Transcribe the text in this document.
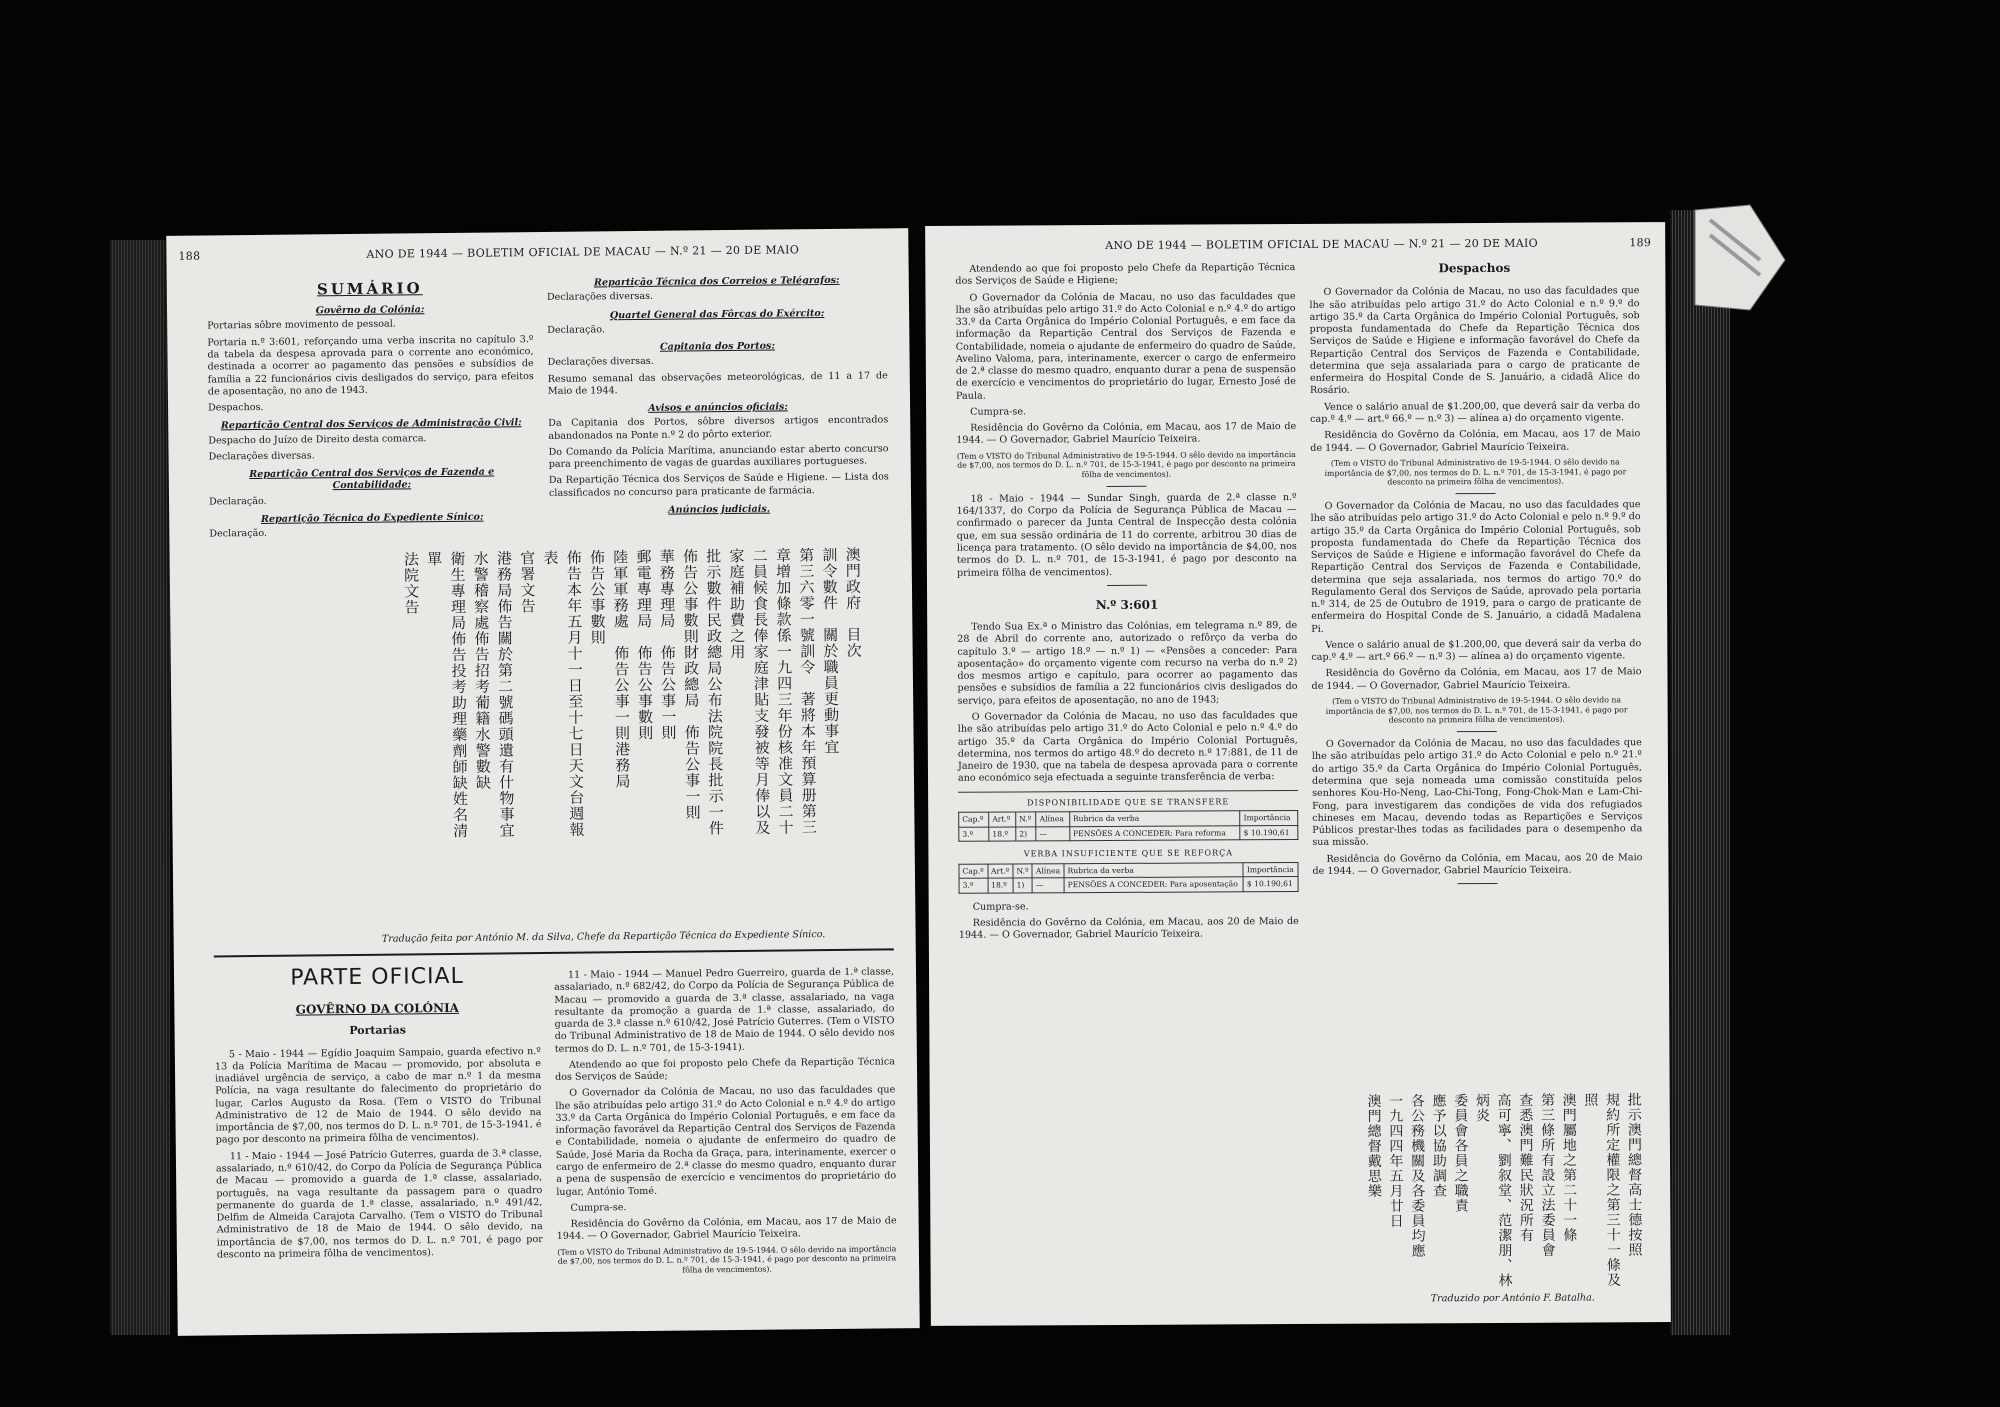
188	ANO DE 1944 — BOLETIM OFICIAL DE MACAU — N.º 21 — 20 DE MAIO
SUMÁRIO
Govêrno da Colónia:

Portarias sôbre movimento de pessoal.

Portaria n.º 3:601, reforçando uma verba inscrita no capítulo 3.º da tabela da despesa aprovada para o corrente ano económico, destinada a ocorrer ao pagamento das pensões e subsídios de família a 22 funcionários civis desligados do serviço, para efeitos de aposentação, no ano de 1943.

Despachos.

Repartição Central dos Serviços de Administração Civil:

Despacho do Juízo de Direito desta comarca.

Declarações diversas.

Repartição Central dos Serviços de Fazenda e Contabilidade:

Declaração.

Repartição Técnica do Expediente Sínico:

Declaração.

Repartição Técnica dos Correios e Telégrafos:

Declarações diversas.

Quartel General das Fôrças do Exército:

Declaração.

Capitania dos Portos:

Declarações diversas.

Resumo semanal das observações meteorológicas, de 11 a 17 de Maio de 1944.

Avisos e anúncios oficiais:

Da Capitania dos Portos, sôbre diversos artigos encontrados abandonados na Ponte n.º 2 do pôrto exterior.

Do Comando da Polícia Marítima, anunciando estar aberto concurso para preenchimento de vagas de guardas auxiliares portugueses.

Da Repartição Técnica dos Serviços de Saúde e Higiene. — Lista dos classificados no concurso para praticante de farmácia.

Anúncios judiciais.
澳門政府　目次訓令數件　關於職員更動事宜第三六零一號訓令　著將本年預算册第三章增加條款係一九四三年份核准文員二十二員候食長俸家庭津貼支發被等月俸以及家庭補助費之用批示數件民政總局公布法院院長批示一件佈告公事數則財政總局　佈告公事一則華務專理局　佈告公事一則郵電專理局　佈告公事數則陸軍軍務處　佈告公事一則港務局佈告公事數則佈告本年五月十一日至十七日天文台週報表官署文告港務局佈告關於第二號碼頭遺有什物事宜水警稽察處佈告招考葡籍水警數缺衛生專理局佈告投考助理藥劑師缺姓名清單法院文告
Tradução feita por António M. da Silva, Chefe da Repartição Técnica do Expediente Sínico.
PARTE OFICIAL
GOVÊRNO DA COLÓNIA
Portarias

5 - Maio - 1944 — Egídio Joaquim Sampaio, guarda efectivo n.º 13 da Polícia Marítima de Macau — promovido, por absoluta e inadiável urgência de serviço, a cabo de mar n.º 1 da mesma Polícia, na vaga resultante do falecimento do proprietário do lugar, Carlos Augusto da Rosa. (Tem o VISTO do Tribunal Administrativo de 12 de Maio de 1944. O sêlo devido na importância de $7,00, nos termos do D. L. n.º 701, de 15-3-1941, é pago por desconto na primeira fôlha de vencimentos).

11 - Maio - 1944 — José Patrício Guterres, guarda de 3.ª classe, assalariado, n.º 610/42, do Corpo da Polícia de Segurança Pública de Macau — promovido a guarda de 1.ª classe, assalariado, português, na vaga resultante da passagem para o quadro permanente do guarda de 1.ª classe, assalariado, n.º 491/42, Delfim de Almeida Carajota Carvalho. (Tem o VISTO do Tribunal Administrativo de 18 de Maio de 1944. O sêlo devido, na importância de $7,00, nos termos do D. L. n.º 701, é pago por desconto na primeira fôlha de vencimentos).

11 - Maio - 1944 — Manuel Pedro Guerreiro, guarda de 1.ª classe, assalariado, n.º 682/42, do Corpo da Polícia de Segurança Pública de Macau — promovido a guarda de 3.ª classe, assalariado, na vaga resultante da promoção a guarda de 1.ª classe, assalariado, do guarda de 3.ª classe n.º 610/42, José Patrício Guterres. (Tem o VISTO do Tribunal Administrativo de 18 de Maio de 1944. O sêlo devido nos termos do D. L. n.º 701, de 15-3-1941).

Atendendo ao que foi proposto pelo Chefe da Repartição Técnica dos Serviços de Saúde;

O Governador da Colónia de Macau, no uso das faculdades que lhe são atribuídas pelo artigo 31.º do Acto Colonial e n.º 4.º do artigo 33.º da Carta Orgânica do Império Colonial Português, e em face da informação favorável da Repartição Central dos Serviços de Fazenda e Contabilidade, nomeia o ajudante de enfermeiro do quadro de Saúde, José Maria da Rocha da Graça, para, interinamente, exercer o cargo de enfermeiro de 2.ª classe do mesmo quadro, enquanto durar a pena de suspensão de exercício e vencimentos do proprietário do lugar, António Tomé.

Cumpra-se.

Residência do Govêrno da Colónia, em Macau, aos 17 de Maio de 1944. — O Governador, Gabriel Maurício Teixeira.

(Tem o VISTO do Tribunal Administrativo de 19-5-1944. O sêlo devido na importância de $7,00, nos termos do D. L. n.º 701, de 15-3-1941, é pago por desconto na primeira fôlha de vencimentos).
ANO DE 1944 — BOLETIM OFICIAL DE MACAU — N.º 21 — 20 DE MAIO	189

Atendendo ao que foi proposto pelo Chefe da Repartição Técnica dos Serviços de Saúde e Higiene;

O Governador da Colónia de Macau, no uso das faculdades que lhe são atribuídas pelo artigo 31.º do Acto Colonial e n.º 4.º do artigo 33.º da Carta Orgânica do Império Colonial Português, e em face da informação da Repartição Central dos Serviços de Fazenda e Contabilidade, nomeia o ajudante de enfermeiro do quadro de Saúde, Avelino Valoma, para, interinamente, exercer o cargo de enfermeiro de 2.ª classe do mesmo quadro, enquanto durar a pena de suspensão de exercício e vencimentos do proprietário do lugar, Ernesto José de Paula.

Cumpra-se.

Residência do Govêrno da Colónia, em Macau, aos 17 de Maio de 1944. — O Governador, Gabriel Maurício Teixeira.

(Tem o VISTO do Tribunal Administrativo de 19-5-1944. O sêlo devido na importância de $7,00, nos termos do D. L. n.º 701, de 15-3-1941, é pago por desconto na primeira fôlha de vencimentos).

18 - Maio - 1944 — Sundar Singh, guarda de 2.ª classe n.º 164/1337, do Corpo da Polícia de Segurança Pública de Macau — confirmado o parecer da Junta Central de Inspecção desta colónia que, em sua sessão ordinária de 11 do corrente, arbitrou 30 dias de licença para tratamento. (O sêlo devido na importância de $4,00, nos termos do D. L. n.º 701, de 15-3-1941, é pago por desconto na primeira fôlha de vencimentos).

N.º 3:601

Tendo Sua Ex.ª o Ministro das Colónias, em telegrama n.º 89, de 28 de Abril do corrente ano, autorizado o refôrço da verba do capítulo 3.º — artigo 18.º — n.º 1) — «Pensões a conceder: Para aposentação» do orçamento vigente com recurso na verba do n.º 2) dos mesmos artigo e capítulo, para ocorrer ao pagamento das pensões e subsídios de família a 22 funcionários civis desligados do serviço, para efeitos de aposentação, no ano de 1943;

O Governador da Colónia de Macau, no uso das faculdades que lhe são atribuídas pelo artigo 31.º do Acto Colonial e pelo n.º 4.º do artigo 35.º da Carta Orgânica do Império Colonial Português, determina, nos termos do artigo 48.º do decreto n.º 17:881, de 11 de Janeiro de 1930, que na tabela de despesa aprovada para o corrente ano económico seja efectuada a seguinte transferência de verba:

DISPONIBILIDADE QUE SE TRANSFERE
Cap.º	Art.º	N.º	Alínea	Rubrica da verba	Importância
3.º	18.º	2)	—	PENSÕES A CONCEDER: Para reforma	$ 10.190,61
VERBA INSUFICIENTE QUE SE REFORÇA
Cap.º	Art.º	N.º	Alínea	Rubrica da verba	Importância
3.º	18.º	1)	—	PENSÕES A CONCEDER: Para aposentação	$ 10.190,61

Cumpra-se.

Residência do Govêrno da Colónia, em Macau, aos 20 de Maio de 1944. — O Governador, Gabriel Maurício Teixeira.

Despachos

O Governador da Colónia de Macau, no uso das faculdades que lhe são atribuídas pelo artigo 31.º do Acto Colonial e n.º 9.º do artigo 35.º da Carta Orgânica do Império Colonial Português, sob proposta fundamentada do Chefe da Repartição Técnica dos Serviços de Saúde e Higiene e informação favorável do Chefe da Repartição Central dos Serviços de Fazenda e Contabilidade, determina que seja assalariada para o cargo de praticante de enfermeira do Hospital Conde de S. Januário, a cidadã Alice do Rosário.

Vence o salário anual de $1.200,00, que deverá sair da verba do cap.º 4.º — art.º 66.º — n.º 3) — alínea a) do orçamento vigente.

Residência do Govêrno da Colónia, em Macau, aos 17 de Maio de 1944. — O Governador, Gabriel Maurício Teixeira.

(Tem o VISTO do Tribunal Administrativo de 19-5-1944. O sêlo devido na importância de $7,00, nos termos do D. L. n.º 701, de 15-3-1941, é pago por desconto na primeira fôlha de vencimentos).

O Governador da Colónia de Macau, no uso das faculdades que lhe são atribuídas pelo artigo 31.º do Acto Colonial e pelo n.º 9.º do artigo 35.º da Carta Orgânica do Império Colonial Português, sob proposta fundamentada do Chefe da Repartição Técnica dos Serviços de Saúde e Higiene e informação favorável do Chefe da Repartição Central dos Serviços de Fazenda e Contabilidade, determina que seja assalariada, nos termos do artigo 70.º do Regulamento Geral dos Serviços de Saúde, aprovado pela portaria n.º 314, de 25 de Outubro de 1919, para o cargo de praticante de enfermeira do Hospital Conde de S. Januário, a cidadã Madalena Pi.

Vence o salário anual de $1.200,00, que deverá sair da verba do cap.º 4.º — art.º 66.º — n.º 3) — alínea a) do orçamento vigente.

Residência do Govêrno da Colónia, em Macau, aos 17 de Maio de 1944. — O Governador, Gabriel Maurício Teixeira.

(Tem o VISTO do Tribunal Administrativo de 19-5-1944. O sêlo devido na importância de $7,00, nos termos do D. L. n.º 701, de 15-3-1941, é pago por desconto na primeira fôlha de vencimentos).

O Governador da Colónia de Macau, no uso das faculdades que lhe são atribuídas pelo artigo 31.º do Acto Colonial e pelo n.º 21.º do artigo 35.º da Carta Orgânica do Império Colonial Português, determina que seja nomeada uma comissão constituída pelos senhores Kou-Ho-Neng, Lao-Chi-Tong, Fong-Chok-Man e Lam-Chi-Fong, para investigarem das condições de vida dos refugiados chineses em Macau, devendo todas as Repartições e Serviços Públicos prestar-lhes todas as facilidades para o desempenho da sua missão.

Residência do Govêrno da Colónia, em Macau, aos 20 de Maio de 1944. — O Governador, Gabriel Maurício Teixeira.

批示澳門總督高士德按照規約所定權限之第三十一條及照澳門屬地之第二十一條第三條所有設立法委員會查悉澳門難民狀況所有高可寧、劉叙堂、范潔朋、林炳炎委員會各員之職責應予以協助調查各公務機關及各委員均應一九四四年五月廿日澳門總督戴思樂
Traduzido por António F. Batalha.
